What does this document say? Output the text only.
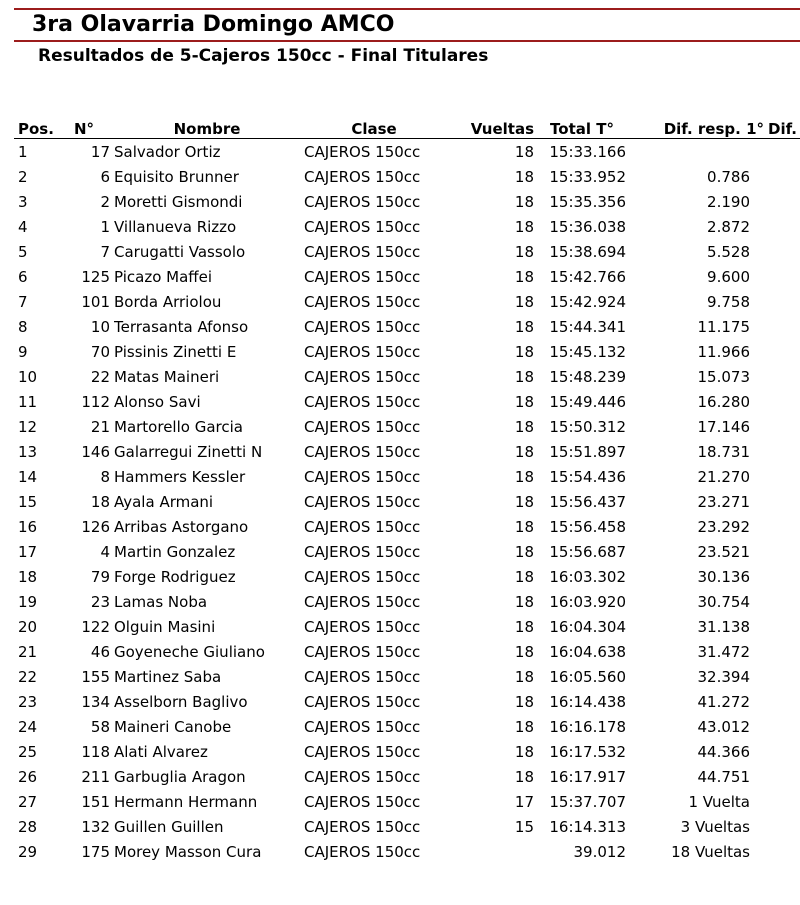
3ra Olavarria Domingo AMCO
Resultados de 5-Cajeros 150cc - Final Titulares
Pos.	N°	Nombre	Clase	Vueltas	Total T°	Dif. resp. 1°	Dif.
1	17	Salvador Ortiz	CAJEROS 150cc	18	15:33.166		
2	6	Equisito Brunner	CAJEROS 150cc	18	15:33.952	0.786	
3	2	Moretti Gismondi	CAJEROS 150cc	18	15:35.356	2.190	
4	1	Villanueva Rizzo	CAJEROS 150cc	18	15:36.038	2.872	
5	7	Carugatti Vassolo	CAJEROS 150cc	18	15:38.694	5.528	
6	125	Picazo Maffei	CAJEROS 150cc	18	15:42.766	9.600	
7	101	Borda Arriolou	CAJEROS 150cc	18	15:42.924	9.758	
8	10	Terrasanta Afonso	CAJEROS 150cc	18	15:44.341	11.175	
9	70	Pissinis Zinetti E	CAJEROS 150cc	18	15:45.132	11.966	
10	22	Matas Maineri	CAJEROS 150cc	18	15:48.239	15.073	
11	112	Alonso Savi	CAJEROS 150cc	18	15:49.446	16.280	
12	21	Martorello Garcia	CAJEROS 150cc	18	15:50.312	17.146	
13	146	Galarregui Zinetti N	CAJEROS 150cc	18	15:51.897	18.731	
14	8	Hammers Kessler	CAJEROS 150cc	18	15:54.436	21.270	
15	18	Ayala Armani	CAJEROS 150cc	18	15:56.437	23.271	
16	126	Arribas Astorgano	CAJEROS 150cc	18	15:56.458	23.292	
17	4	Martin Gonzalez	CAJEROS 150cc	18	15:56.687	23.521	
18	79	Forge Rodriguez	CAJEROS 150cc	18	16:03.302	30.136	
19	23	Lamas Noba	CAJEROS 150cc	18	16:03.920	30.754	
20	122	Olguin Masini	CAJEROS 150cc	18	16:04.304	31.138	
21	46	Goyeneche Giuliano	CAJEROS 150cc	18	16:04.638	31.472	
22	155	Martinez Saba	CAJEROS 150cc	18	16:05.560	32.394	
23	134	Asselborn Baglivo	CAJEROS 150cc	18	16:14.438	41.272	
24	58	Maineri Canobe	CAJEROS 150cc	18	16:16.178	43.012	
25	118	Alati Alvarez	CAJEROS 150cc	18	16:17.532	44.366	
26	211	Garbuglia Aragon	CAJEROS 150cc	18	16:17.917	44.751	
27	151	Hermann Hermann	CAJEROS 150cc	17	15:37.707	1 Vuelta	
28	132	Guillen Guillen	CAJEROS 150cc	15	16:14.313	3 Vueltas	
29	175	Morey Masson Cura	CAJEROS 150cc		39.012	18 Vueltas	
